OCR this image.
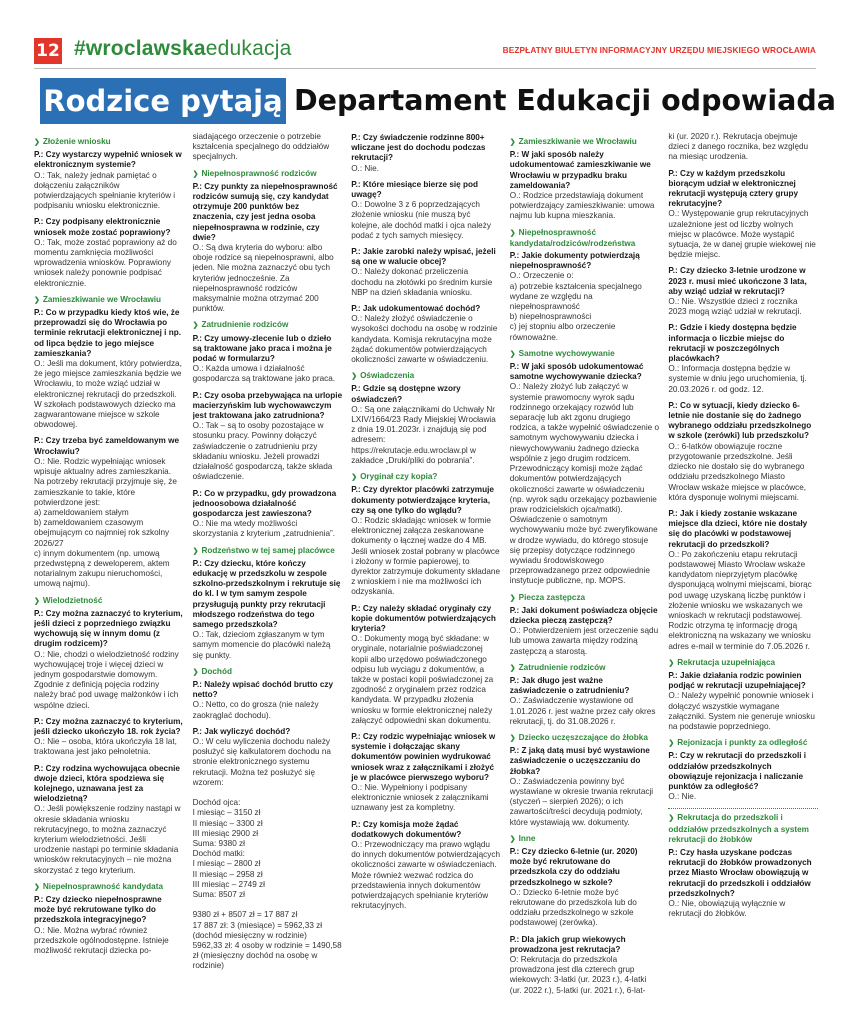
12 #wroclawskaedukacja	BEZPŁATNY BIULETYN INFORMACYJNY URZĘDU MIEJSKIEGO WROCŁAWIA
Rodzice pytają Departament Edukacji odpowiada
❯ Złożenie wniosku
P.: Czy wystarczy wypełnić wniosek w elektronicznym systemie?
O.: Tak, należy jednak pamiętać o dołączeniu załączników potwierdzających spełnianie kryteriów i podpisaniu wniosku elektronicznie.
P.: Czy podpisany elektronicznie wniosek może zostać poprawiony?
O.: Tak, może zostać poprawiony aż do momentu zamknięcia możliwości wprowadzenia wniosków. Poprawiony wniosek należy ponownie podpisać elektronicznie.
❯ Zamieszkiwanie we Wrocławiu
P.: Co w przypadku kiedy ktoś wie, że przeprowadzi się do Wrocławia po terminie rekrutacji elektronicznej i np. od lipca będzie to jego miejsce zamieszkania?
O.: Jeśli ma dokument, który potwierdza, że jego miejsce zamieszkania będzie we Wrocławiu, to może wziąć udział w elektronicznej rekrutacji do przedszkoli. W szkołach podstawowych dziecko ma zagwarantowane miejsce w szkole obwodowej.
P.: Czy trzeba być zameldowanym we Wrocławiu?
O.: Nie. Rodzic wypełniając wniosek wpisuje aktualny adres zamieszkania. Na potrzeby rekrutacji przyjmuje się, że zamieszkanie to takie, które potwierdzone jest:
a) zameldowaniem stałym
b) zameldowaniem czasowym obejmującym co najmniej rok szkolny 2026/27
c) innym dokumentem (np. umową przedwstępną z deweloperem, aktem notarialnym zakupu nieruchomości, umową najmu).
❯ Wielodzietność
P.: Czy można zaznaczyć to kryterium, jeśli dzieci z poprzedniego związku wychowują się w innym domu (z drugim rodzicem)?
O.: Nie, chodzi o wielodzietność rodziny wychowującej troje i więcej dzieci w jednym gospodarstwie domowym. Zgodnie z definicją pojęcia rodziny należy brać pod uwagę małżonków i ich wspólne dzieci.
P.: Czy można zaznaczyć to kryterium, jeśli dziecko ukończyło 18. rok życia?
O.: Nie – osoba, która ukończyła 18 lat, traktowana jest jako pełnoletnia.
P.: Czy rodzina wychowująca obecnie dwoje dzieci, która spodziewa się kolejnego, uznawana jest za wielodzietną?
O.: Jeśli powiększenie rodziny nastąpi w okresie składania wniosku rekrutacyjnego, to można zaznaczyć kryterium wielodzietności. Jeśli urodzenie nastąpi po terminie składania wniosków rekrutacyjnych – nie można skorzystać z tego kryterium.
❯ Niepełnosprawność kandydata
P.: Czy dziecko niepełnosprawne może być rekrutowane tylko do przedszkola integracyjnego?
O.: Nie. Można wybrać również przedszkole ogólnodostępne. Istnieje możliwość rekrutacji dziecka po-
siadającego orzeczenie o potrzebie kształcenia specjalnego do oddziałów specjalnych.
❯ Niepełnosprawność rodziców
P.: Czy punkty za niepełnosprawność rodziców sumują się, czy kandydat otrzymuje 200 punktów bez znaczenia, czy jest jedna osoba niepełnosprawna w rodzinie, czy dwie?
O.: Są dwa kryteria do wyboru: albo oboje rodzice są niepełnosprawni, albo jeden. Nie można zaznaczyć obu tych kryteriów jednocześnie. Za niepełnosprawność rodziców maksymalnie można otrzymać 200 punktów.
❯ Zatrudnienie rodziców
P.: Czy umowy-zlecenie lub o dzieło są traktowane jako praca i można je podać w formularzu?
O.: Każda umowa i działalność gospodarcza są traktowane jako praca.
P.: Czy osoba przebywająca na urlopie macierzyńskim lub wychowawczym jest traktowana jako zatrudniona?
O.: Tak – są to osoby pozostające w stosunku pracy. Powinny dołączyć zaświadczenie o zatrudnieniu przy składaniu wniosku. Jeżeli prowadzi działalność gospodarczą, także składa oświadczenie.
P.: Co w przypadku, gdy prowadzona jednoosobowa działalność gospodarcza jest zawieszona?
O.: Nie ma wtedy możliwości skorzystania z kryterium „zatrudnienia”.
❯ Rodzeństwo w tej samej placówce
P.: Czy dziecku, które kończy edukację w przedszkolu w zespole szkolno-przedszkolnym i rekrutuje się do kl. I w tym samym zespole przysługują punkty przy rekrutacji młodszego rodzeństwa do tego samego przedszkola?
O.: Tak, dzieciom zgłaszanym w tym samym momencie do placówki należą się punkty.
❯ Dochód
P.: Należy wpisać dochód brutto czy netto?
O.: Netto, co do grosza (nie należy zaokrąglać dochodu).
P.: Jak wyliczyć dochód?
O.: W celu wyliczenia dochodu należy posłużyć się kalkulatorem dochodu na stronie elektronicznego systemu rekrutacji. Można też posłużyć się wzorem:

Dochód ojca:
I miesiąc – 3150 zł
II miesiąc – 3300 zł
III miesiąc 2900 zł
Suma: 9380 zł
Dochód matki:
I miesiąc – 2800 zł
II miesiąc – 2958 zł
III miesiąc – 2749 zł
Suma: 8507 zł

9380 zł + 8507 zł = 17 887 zł
17 887 zł: 3 (miesiące) = 5962,33 zł (dochód miesięczny w rodzinie)
5962,33 zł: 4 osoby w rodzinie = 1490,58 zł (miesięczny dochód na osobę w rodzinie)
P.: Czy świadczenie rodzinne 800+ wliczane jest do dochodu podczas rekrutacji?
O.: Nie.
P.: Które miesiące bierze się pod uwagę?
O.: Dowolne 3 z 6 poprzedzających złożenie wniosku (nie muszą być kolejne, ale dochód matki i ojca należy podać z tych samych miesięcy.
P.: Jakie zarobki należy wpisać, jeżeli są one w walucie obcej?
O.: Należy dokonać przeliczenia dochodu na złotówki po średnim kursie NBP na dzień składania wniosku.
P.: Jak udokumentować dochód?
O.: Należy złożyć oświadczenie o wysokości dochodu na osobę w rodzinie kandydata. Komisja rekrutacyjna może żądać dokumentów potwierdzających okoliczności zawarte w oświadczeniu.
❯ Oświadczenia
P.: Gdzie są dostępne wzory oświadczeń?
O.: Są one załącznikami do Uchwały Nr LXIV/1664/23 Rady Miejskiej Wrocławia z dnia 19.01.2023r. i znajdują się pod adresem: https://rekrutacje.edu.wroclaw.pl w zakładce „Druki/pliki do pobrania”.
❯ Oryginał czy kopia?
P.: Czy dyrektor placówki zatrzymuje dokumenty potwierdzające kryteria, czy są one tylko do wglądu?
O.: Rodzic składając wniosek w formie elektronicznej załącza zeskanowane dokumenty o łącznej wadze do 4 MB. Jeśli wniosek został pobrany w placówce i złożony w formie papierowej, to dyrektor zatrzymuje dokumenty składane z wnioskiem i nie ma możliwości ich odzyskania.
P.: Czy należy składać oryginały czy kopie dokumentów potwierdzających kryteria?
O.: Dokumenty mogą być składane: w oryginale, notarialnie poświadczonej kopii albo urzędowo poświadczonego odpisu lub wyciągu z dokumentów, a także w postaci kopii poświadczonej za zgodność z oryginałem przez rodzica kandydata. W przypadku złożenia wniosku w formie elektronicznej należy załączyć odpowiedni skan dokumentu.
P.: Czy rodzic wypełniając wniosek w systemie i dołączając skany dokumentów powinien wydrukować wniosek wraz z załącznikami i złożyć je w placówce pierwszego wyboru?
O.: Nie. Wypełniony i podpisany elektronicznie wniosek z załącznikami uznawany jest za kompletny.
P.: Czy komisja może żądać dodatkowych dokumentów?
O.: Przewodniczący ma prawo wglądu do innych dokumentów potwierdzających okoliczności zawarte w oświadczeniach. Może również wezwać rodzica do przedstawienia innych dokumentów potwierdzających spełnianie kryteriów rekrutacyjnych.
❯ Zamieszkiwanie we Wrocławiu
P.: W jaki sposób należy udokumentować zamieszkiwanie we Wrocławiu w przypadku braku zameldowania?
O.: Rodzice przedstawiają dokument potwierdzający zamieszkiwanie: umowa najmu lub kupna mieszkania.
❯ Niepełnosprawność kandydata/rodziców/rodzeństwa
P.: Jakie dokumenty potwierdzają niepełnosprawność?
O.: Orzeczenie o:
a) potrzebie kształcenia specjalnego wydane ze względu na niepełnosprawność
b) niepełnosprawności
c) jej stopniu albo orzeczenie równoważne.
❯ Samotne wychowywanie
P.: W jaki sposób udokumentować samotne wychowywanie dziecka?
O.: Należy złożyć lub załączyć w systemie prawomocny wyrok sądu rodzinnego orzekający rozwód lub separację lub akt zgonu drugiego rodzica, a także wypełnić oświadczenie o samotnym wychowywaniu dziecka i niewychowywaniu żadnego dziecka wspólnie z jego drugim rodzicem. Przewodniczący komisji może żądać dokumentów potwierdzających okoliczności zawarte w oświadczeniu (np. wyrok sądu orzekający pozbawienie praw rodzicielskich ojca/matki). Oświadczenie o samotnym wychowywaniu może być zweryfikowane w drodze wywiadu, do którego stosuje się przepisy dotyczące rodzinnego wywiadu środowiskowego przeprowadzanego przez odpowiednie instytucje publiczne, np. MOPS.
❯ Piecza zastępcza
P.: Jaki dokument poświadcza objęcie dziecka pieczą zastępczą?
O.: Potwierdzeniem jest orzeczenie sądu lub umowa zawarta między rodziną zastępczą a starostą.
❯ Zatrudnienie rodziców
P.: Jak długo jest ważne zaświadczenie o zatrudnieniu?
O.: Zaświadczenie wystawione od 1.01.2026 r. jest ważne przez cały okres rekrutacji, tj. do 31.08.2026 r.
❯ Dziecko uczęszczające do żłobka
P.: Z jaką datą musi być wystawione zaświadczenie o uczęszczaniu do żłobka?
O.: Zaświadczenia powinny być wystawiane w okresie trwania rekrutacji (styczeń – sierpień 2026); o ich zawartości/treści decydują podmioty, które wystawiają ww. dokumenty.
❯ Inne
P.: Czy dziecko 6-letnie (ur. 2020) może być rekrutowane do przedszkola czy do oddziału przedszkolnego w szkole?
O.: Dziecko 6-letnie może być rekrutowane do przedszkola lub do oddziału przedszkolnego w szkole podstawowej (zerówka).
P.: Dla jakich grup wiekowych prowadzona jest rekrutacja?
O: Rekrutacja do przedszkola prowadzona jest dla czterech grup wiekowych: 3-latki (ur. 2023 r.), 4-latki (ur. 2022 r.), 5-latki (ur. 2021 r.), 6-lat-
ki (ur. 2020 r.). Rekrutacja obejmuje dzieci z danego rocznika, bez względu na miesiąc urodzenia.
P.: Czy w każdym przedszkolu biorącym udział w elektronicznej rekrutacji występują cztery grupy rekrutacyjne?
O.: Występowanie grup rekrutacyjnych uzależnione jest od liczby wolnych miejsc w placówce. Może wystąpić sytuacja, że w danej grupie wiekowej nie będzie miejsc.
P.: Czy dziecko 3-letnie urodzone w 2023 r. musi mieć ukończone 3 lata, aby wziąć udział w rekrutacji?
O.: Nie. Wszystkie dzieci z rocznika 2023 mogą wziąć udział w rekrutacji.
P.: Gdzie i kiedy dostępna będzie informacja o liczbie miejsc do rekrutacji w poszczególnych placówkach?
O.: Informacja dostępna będzie w systemie w dniu jego uruchomienia, tj. 20.03.2026 r. od godz. 12.
P.: Co w sytuacji, kiedy dziecko 6-letnie nie dostanie się do żadnego wybranego oddziału przedszkolnego w szkole (zerówki) lub przedszkolu?
O.: 6-latków obowiązuje roczne przygotowanie przedszkolne. Jeśli dziecko nie dostało się do wybranego oddziału przedszkolnego Miasto Wrocław wskaże miejsce w placówce, która dysponuje wolnymi miejscami.
P.: Jak i kiedy zostanie wskazane miejsce dla dzieci, które nie dostały się do placówki w podstawowej rekrutacji do przedszkoli?
O.: Po zakończeniu etapu rekrutacji podstawowej Miasto Wrocław wskaże kandydatom nieprzyjętym placówkę dysponującą wolnymi miejscami, biorąc pod uwagę uzyskaną liczbę punktów i złożenie wniosku we wskazanych we wnioskach w rekrutacji podstawowej. Rodzic otrzyma tę informację drogą elektroniczną na wskazany we wniosku adres e-mail w terminie do 7.05.2026 r.
❯ Rekrutacja uzupełniająca
P.: Jakie działania rodzic powinien podjąć w rekrutacji uzupełniającej?
O.: Należy wypełnić ponownie wniosek i dołączyć wszystkie wymagane załączniki. System nie generuje wniosku na podstawie poprzedniego.
❯ Rejonizacja i punkty za odległość
P.: Czy w rekrutacji do przedszkoli i oddziałów przedszkolnych obowiązuje rejonizacja i naliczanie punktów za odległość?
O.: Nie.
❯ Rekrutacja do przedszkoli i oddziałów przedszkolnych a system rekrutacji do żłobków
P.: Czy hasła uzyskane podczas rekrutacji do żłobków prowadzonych przez Miasto Wrocław obowiązują w rekrutacji do przedszkoli i oddziałów przedszkolnych?
O.: Nie, obowiązują wyłącznie w rekrutacji do żłobków.
